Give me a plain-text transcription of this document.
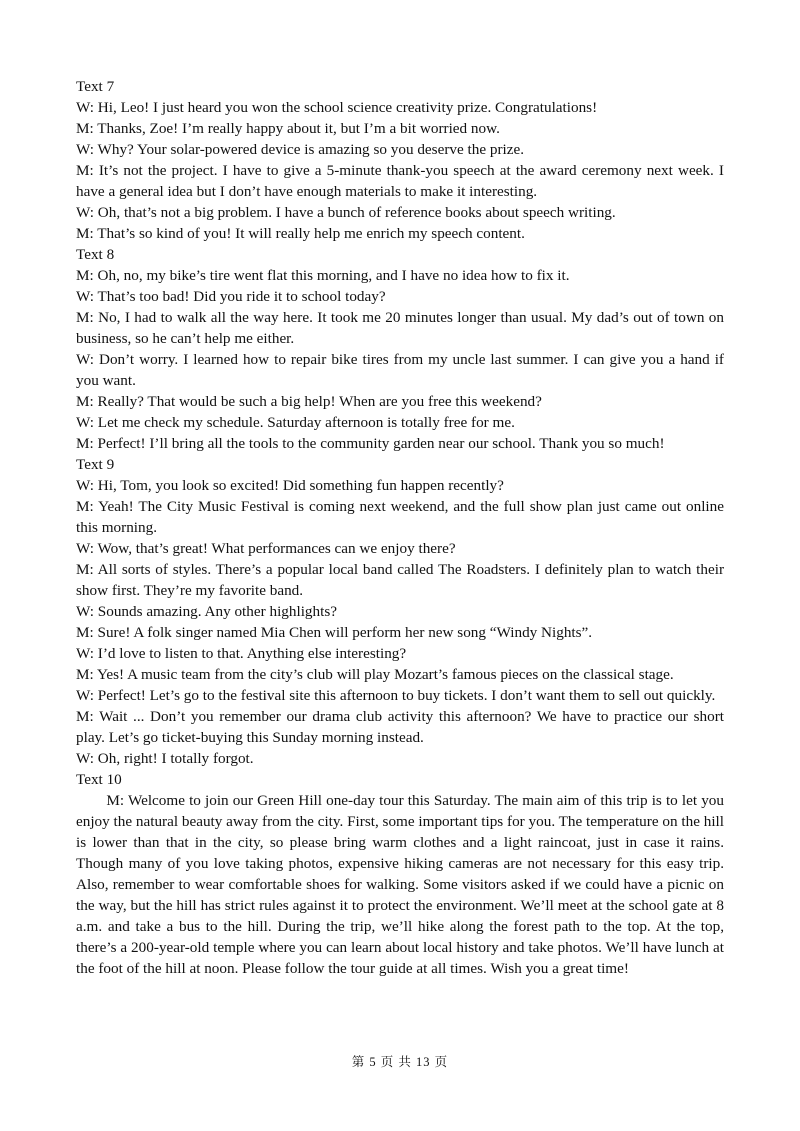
Text 7

W: Hi, Leo! I just heard you won the school science creativity prize. Congratulations!

M: Thanks, Zoe! I’m really happy about it, but I’m a bit worried now.

W: Why? Your solar-powered device is amazing so you deserve the prize.

M: It’s not the project. I have to give a 5-minute thank-you speech at the award ceremony next week. I have a general idea but I don’t have enough materials to make it interesting.

W: Oh, that’s not a big problem. I have a bunch of reference books about speech writing.

M: That’s so kind of you! It will really help me enrich my speech content.

Text 8

M: Oh, no, my bike’s tire went flat this morning, and I have no idea how to fix it.

W: That’s too bad! Did you ride it to school today?

M: No, I had to walk all the way here. It took me 20 minutes longer than usual. My dad’s out of town on business, so he can’t help me either.

W: Don’t worry. I learned how to repair bike tires from my uncle last summer. I can give you a hand if you want.

M: Really? That would be such a big help! When are you free this weekend?

W: Let me check my schedule. Saturday afternoon is totally free for me.

M: Perfect! I’ll bring all the tools to the community garden near our school. Thank you so much!

Text 9

W: Hi, Tom, you look so excited! Did something fun happen recently?

M: Yeah! The City Music Festival is coming next weekend, and the full show plan just came out online this morning.

W: Wow, that’s great! What performances can we enjoy there?

M: All sorts of styles. There’s a popular local band called The Roadsters. I definitely plan to watch their show first. They’re my favorite band.

W: Sounds amazing. Any other highlights?

M: Sure! A folk singer named Mia Chen will perform her new song “Windy Nights”.

W: I’d love to listen to that. Anything else interesting?

M: Yes! A music team from the city’s club will play Mozart’s famous pieces on the classical stage.

W: Perfect! Let’s go to the festival site this afternoon to buy tickets. I don’t want them to sell out quickly.

M: Wait ... Don’t you remember our drama club activity this afternoon? We have to practice our short play. Let’s go ticket-buying this Sunday morning instead.

W: Oh, right! I totally forgot.

Text 10

M: Welcome to join our Green Hill one-day tour this Saturday. The main aim of this trip is to let you enjoy the natural beauty away from the city. First, some important tips for you. The temperature on the hill is lower than that in the city, so please bring warm clothes and a light raincoat, just in case it rains. Though many of you love taking photos, expensive hiking cameras are not necessary for this easy trip. Also, remember to wear comfortable shoes for walking. Some visitors asked if we could have a picnic on the way, but the hill has strict rules against it to protect the environment. We’ll meet at the school gate at 8 a.m. and take a bus to the hill. During the trip, we’ll hike along the forest path to the top. At the top, there’s a 200-year-old temple where you can learn about local history and take photos. We’ll have lunch at the foot of the hill at noon. Please follow the tour guide at all times. Wish you a great time!

第 5 页 共 13 页
